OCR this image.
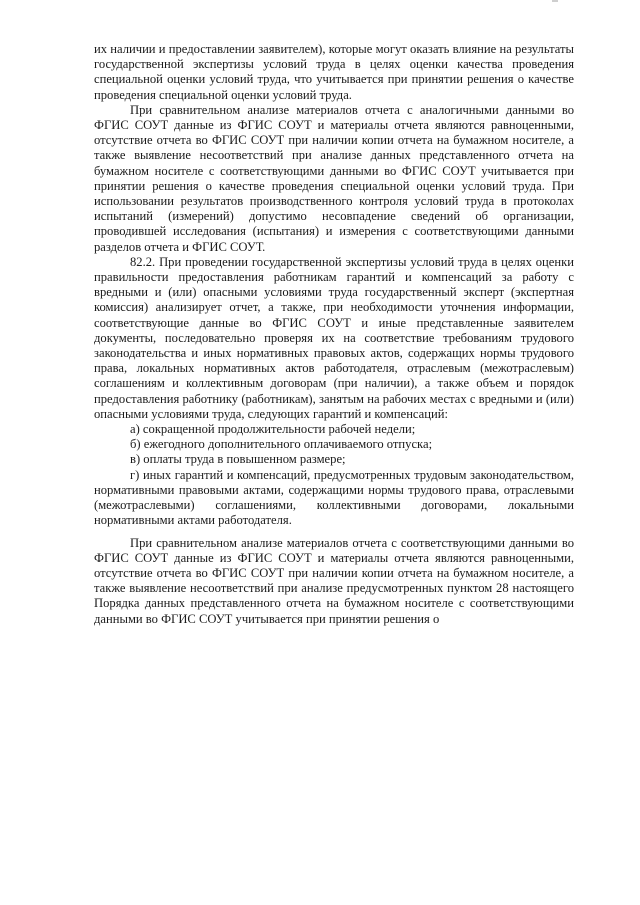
их наличии и предоставлении заявителем), которые могут оказать влияние на результаты государственной экспертизы условий труда в целях оценки качества проведения специальной оценки условий труда, что учитывается при принятии решения о качестве проведения специальной оценки условий труда.

При сравнительном анализе материалов отчета с аналогичными данными во ФГИС СОУТ данные из ФГИС СОУТ и материалы отчета являются равноценными, отсутствие отчета во ФГИС СОУТ при наличии копии отчета на бумажном носителе, а также выявление несоответствий при анализе данных представленного отчета на бумажном носителе с соответствующими данными во ФГИС СОУТ учитывается при принятии решения о качестве проведения специальной оценки условий труда. При использовании результатов производственного контроля условий труда в протоколах испытаний (измерений) допустимо несовпадение сведений об организации, проводившей исследования (испытания) и измерения с соответствующими данными разделов отчета и ФГИС СОУТ.

82.2. При проведении государственной экспертизы условий труда в целях оценки правильности предоставления работникам гарантий и компенсаций за работу с вредными и (или) опасными условиями труда государственный эксперт (экспертная комиссия) анализирует отчет, а также, при необходимости уточнения информации, соответствующие данные во ФГИС СОУТ и иные представленные заявителем документы, последовательно проверяя их на соответствие требованиям трудового законодательства и иных нормативных правовых актов, содержащих нормы трудового права, локальных нормативных актов работодателя, отраслевым (межотраслевым) соглашениям и коллективным договорам (при наличии), а также объем и порядок предоставления работнику (работникам), занятым на рабочих местах с вредными и (или) опасными условиями труда, следующих гарантий и компенсаций:

а) сокращенной продолжительности рабочей недели;

б) ежегодного дополнительного оплачиваемого отпуска;

в) оплаты труда в повышенном размере;

г) иных гарантий и компенсаций, предусмотренных трудовым законодательством, нормативными правовыми актами, содержащими нормы трудового права, отраслевыми (межотраслевыми) соглашениями, коллективными договорами, локальными нормативными актами работодателя.

При сравнительном анализе материалов отчета с соответствующими данными во ФГИС СОУТ данные из ФГИС СОУТ и материалы отчета являются равноценными, отсутствие отчета во ФГИС СОУТ при наличии копии отчета на бумажном носителе, а также выявление несоответствий при анализе предусмотренных пунктом 28 настоящего Порядка данных представленного отчета на бумажном носителе с соответствующими данными во ФГИС СОУТ учитывается при принятии решения о
